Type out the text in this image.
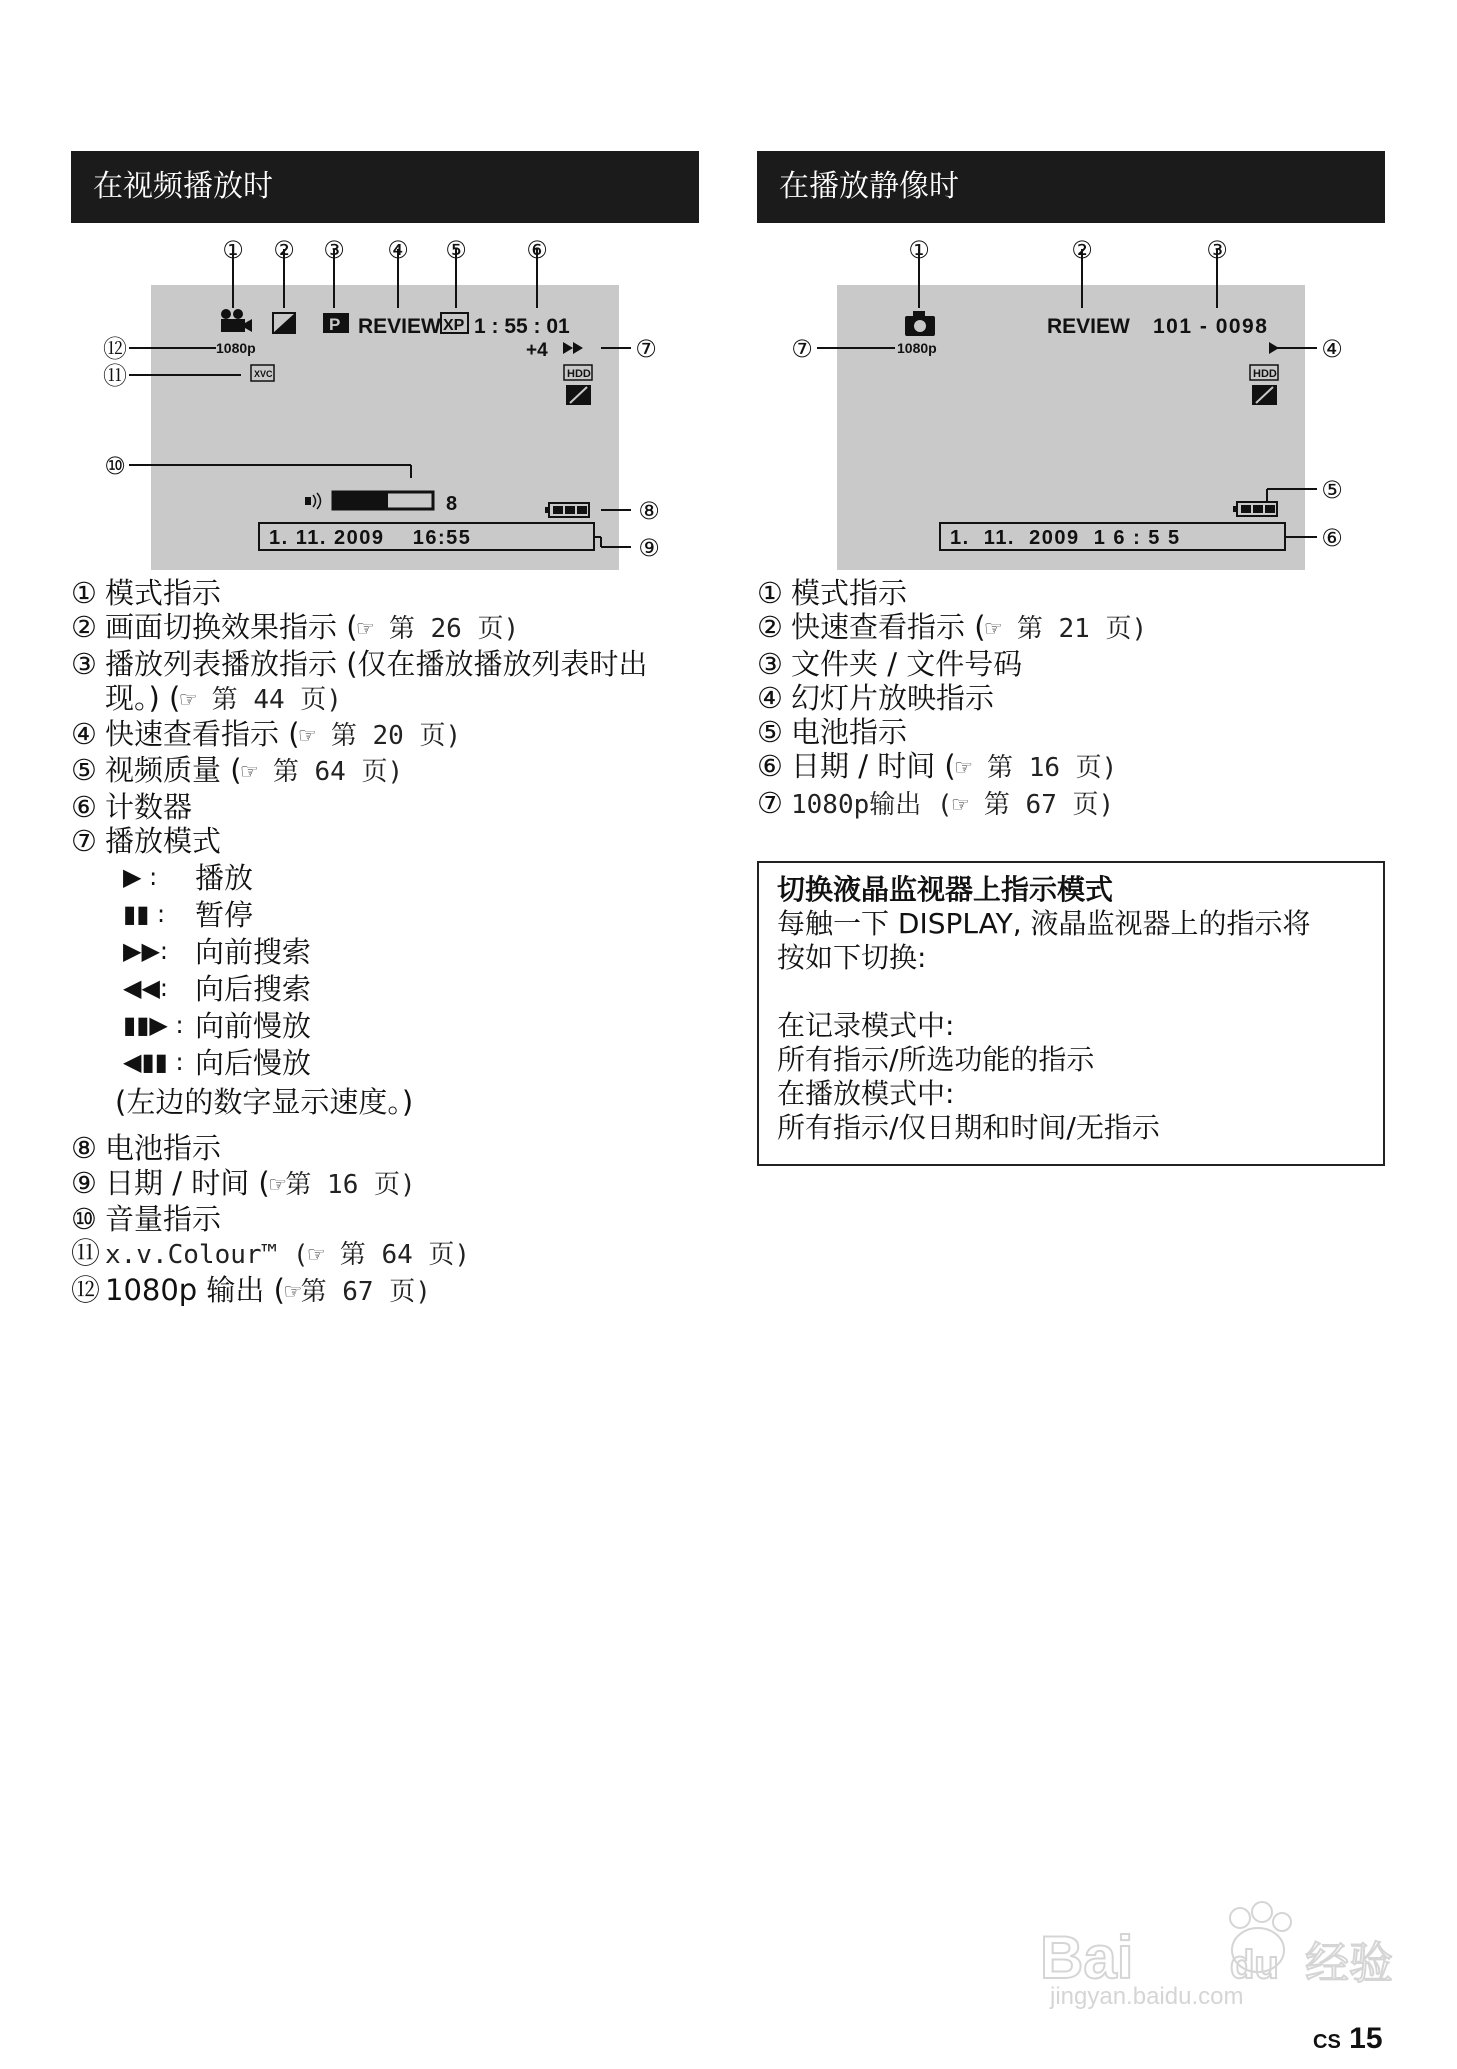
在视频播放时	在播放静像时
① ② ③ ④ ⑤ ⑥
⑦
⑧
⑨
⑩
⑪
⑫	1080p
P REVIEW XP 1 : 55 : 01
+4
XVC	HDD
8
1. 11. 2009    16:55
①	②	③
④
⑤
⑥
⑦	1080p
REVIEW 101 - 0098
HDD
1.  11.  2009  1 6 : 5 5
① 模式指示
② 画面切换效果指示 (☞ 第 26 页)
③ 播放列表播放指示 (仅在播放播放列表时出
现。) (☞ 第 44 页)
④ 快速查看指示 (☞ 第 20 页)
⑤ 视频质量 (☞ 第 64 页)
⑥ 计数器
⑦ 播放模式
▶ :	播放
▮▮ :	暂停
▶▶: 向前搜索
◀◀: 向后搜索
▮▮▶ : 向前慢放
◀▮▮ : 向后慢放
(左边的数字显示速度。)
⑧ 电池指示
⑨ 日期 / 时间 (☞第 16 页)
⑩ 音量指示
⑪ x.v.Colour™ (☞ 第 64 页)
⑫ 1080p 输出 (☞第 67 页)
① 模式指示
② 快速查看指示 (☞ 第 21 页)
③ 文件夹 / 文件号码
④ 幻灯片放映指示
⑤ 电池指示
⑥ 日期 / 时间 (☞ 第 16 页)
⑦ 1080p输出 (☞ 第 67 页)
切换液晶监视器上指示模式
每触一下 DISPLAY, 液晶监视器上的指示将
按如下切换:
在记录模式中:
所有指示/所选功能的指示
在播放模式中:
所有指示/仅日期和时间/无指示
Bai du 经验
jingyan.baidu.com
CS 15
